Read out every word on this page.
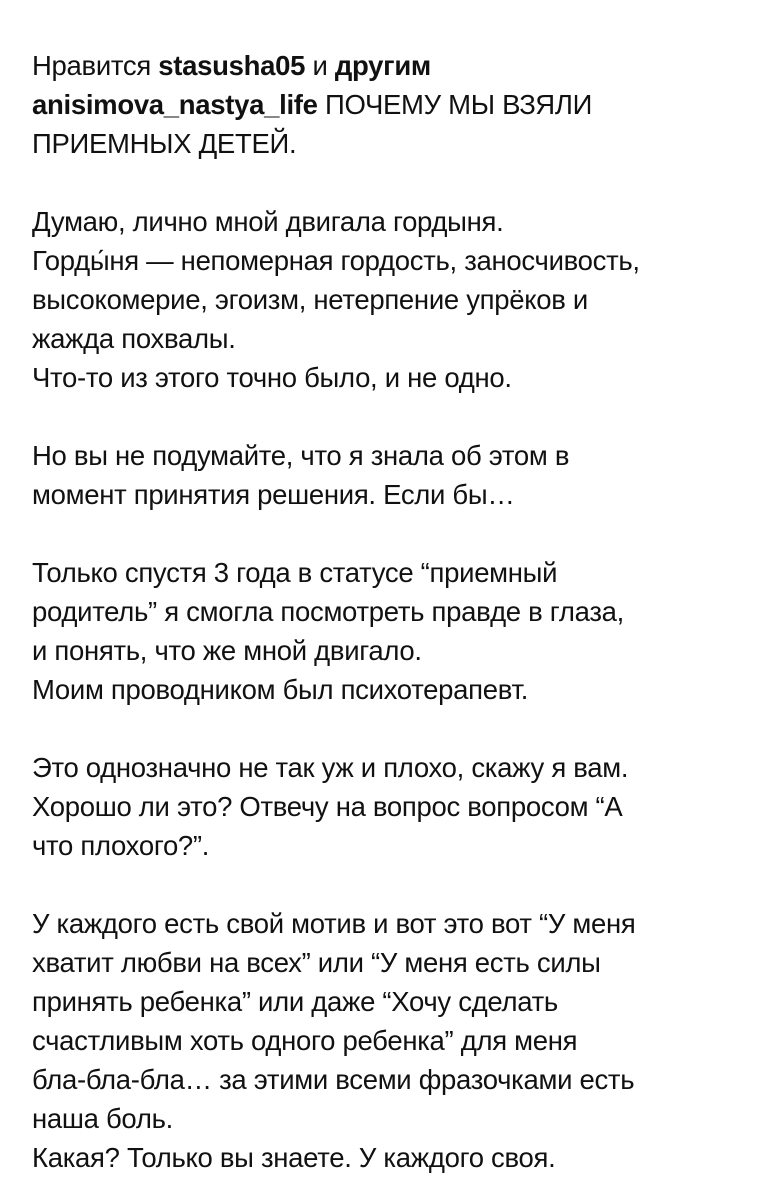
Нравится stasusha05 и другим
anisimova_nastya_life ПОЧЕМУ МЫ ВЗЯЛИ
ПРИЕМНЫХ ДЕТЕЙ.
Думаю, лично мной двигала гордыня.
Горды́ня — непомерная гордость, заносчивость,
высокомерие, эгоизм, нетерпение упрёков и
жажда похвалы.
Что-то из этого точно было, и не одно.
Но вы не подумайте, что я знала об этом в
момент принятия решения. Если бы…
Только спустя 3 года в статусе “приемный
родитель” я смогла посмотреть правде в глаза,
и понять, что же мной двигало.
Моим проводником был психотерапевт.
Это однозначно не так уж и плохо, скажу я вам.
Хорошо ли это? Отвечу на вопрос вопросом “А
что плохого?”.
У каждого есть свой мотив и вот это вот “У меня
хватит любви на всех” или “У меня есть силы
принять ребенка” или даже “Хочу сделать
счастливым хоть одного ребенка” для меня
бла-бла-бла… за этими всеми фразочками есть
наша боль.
Какая? Только вы знаете. У каждого своя.
